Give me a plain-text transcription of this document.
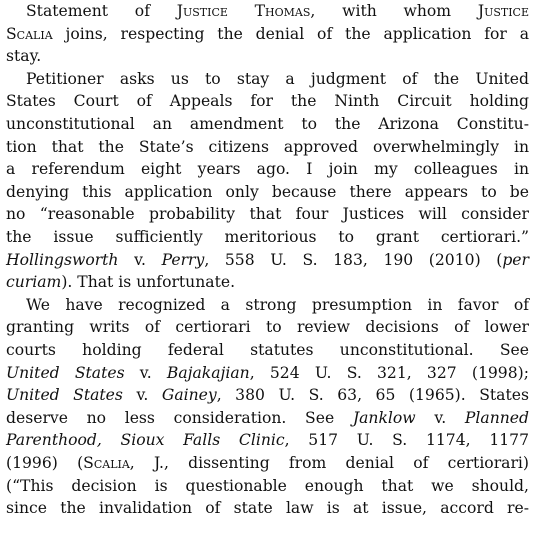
Statement of Justice Thomas, with whom Justice
Scalia joins, respecting the denial of the application for a
stay.
Petitioner asks us to stay a judgment of the United
States Court of Appeals for the Ninth Circuit holding
unconstitutional an amendment to the Arizona Constitu-
tion that the State’s citizens approved overwhelmingly in
a referendum eight years ago. I join my colleagues in
denying this application only because there appears to be
no “reasonable probability that four Justices will consider
the issue sufficiently meritorious to grant certiorari.”
Hollingsworth v. Perry, 558 U. S. 183, 190 (2010) (per
curiam). That is unfortunate.
We have recognized a strong presumption in favor of
granting writs of certiorari to review decisions of lower
courts holding federal statutes unconstitutional. See
United States v. Bajakajian, 524 U. S. 321, 327 (1998);
United States v. Gainey, 380 U. S. 63, 65 (1965). States
deserve no less consideration. See Janklow v. Planned
Parenthood, Sioux Falls Clinic, 517 U. S. 1174, 1177
(1996) (Scalia, J., dissenting from denial of certiorari)
(“This decision is questionable enough that we should,
since the invalidation of state law is at issue, accord re-
